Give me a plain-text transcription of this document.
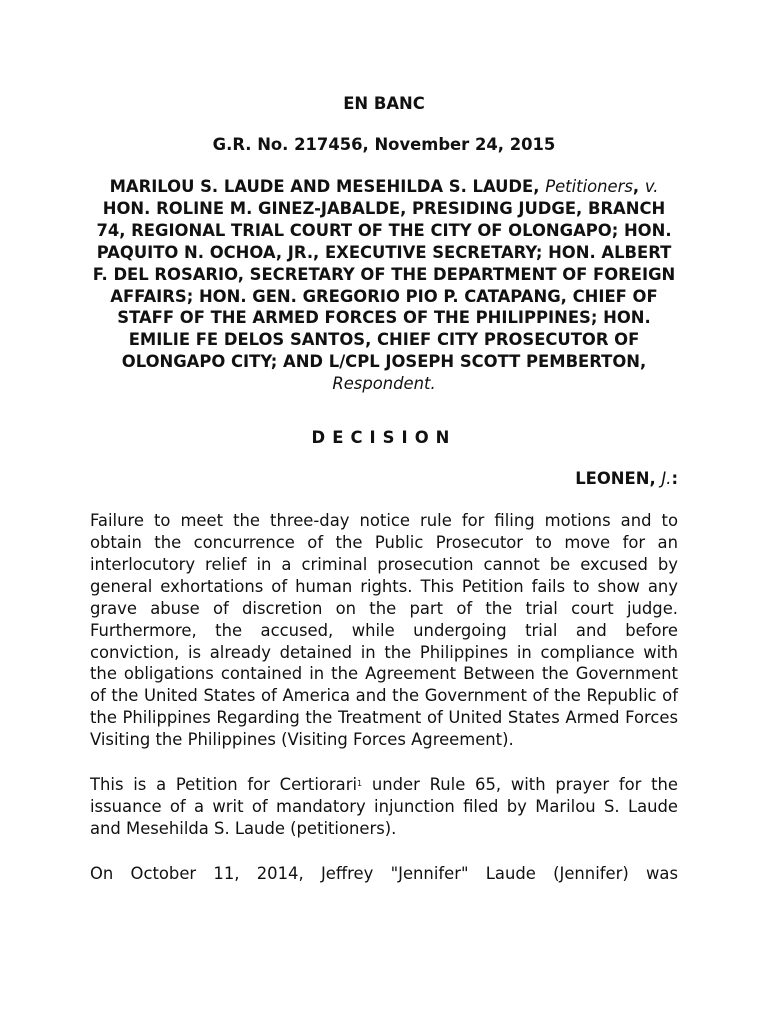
EN BANC
G.R. No. 217456, November 24, 2015
MARILOU S. LAUDE AND MESEHILDA S. LAUDE, Petitioners, v. HON. ROLINE M. GINEZ-JABALDE, PRESIDING JUDGE, BRANCH 74, REGIONAL TRIAL COURT OF THE CITY OF OLONGAPO; HON. PAQUITO N. OCHOA, JR., EXECUTIVE SECRETARY; HON. ALBERT F. DEL ROSARIO, SECRETARY OF THE DEPARTMENT OF FOREIGN AFFAIRS; HON. GEN. GREGORIO PIO P. CATAPANG, CHIEF OF STAFF OF THE ARMED FORCES OF THE PHILIPPINES; HON. EMILIE FE DELOS SANTOS, CHIEF CITY PROSECUTOR OF OLONGAPO CITY; AND L/CPL JOSEPH SCOTT PEMBERTON, Respondent.
DECISION
LEONEN, J.:

Failure to meet the three-day notice rule for filing motions and to obtain the concurrence of the Public Prosecutor to move for an interlocutory relief in a criminal prosecution cannot be excused by general exhortations of human rights. This Petition fails to show any grave abuse of discretion on the part of the trial court judge. Furthermore, the accused, while undergoing trial and before conviction, is already detained in the Philippines in compliance with the obligations contained in the Agreement Between the Government of the United States of America and the Government of the Republic of the Philippines Regarding the Treatment of United States Armed Forces Visiting the Philippines (Visiting Forces Agreement).

This is a Petition for Certiorari$^1$ under Rule 65, with prayer for the issuance of a writ of mandatory injunction filed by Marilou S. Laude and Mesehilda S. Laude (petitioners).

On October 11, 2014, Jeffrey "Jennifer" Laude (Jennifer) was
